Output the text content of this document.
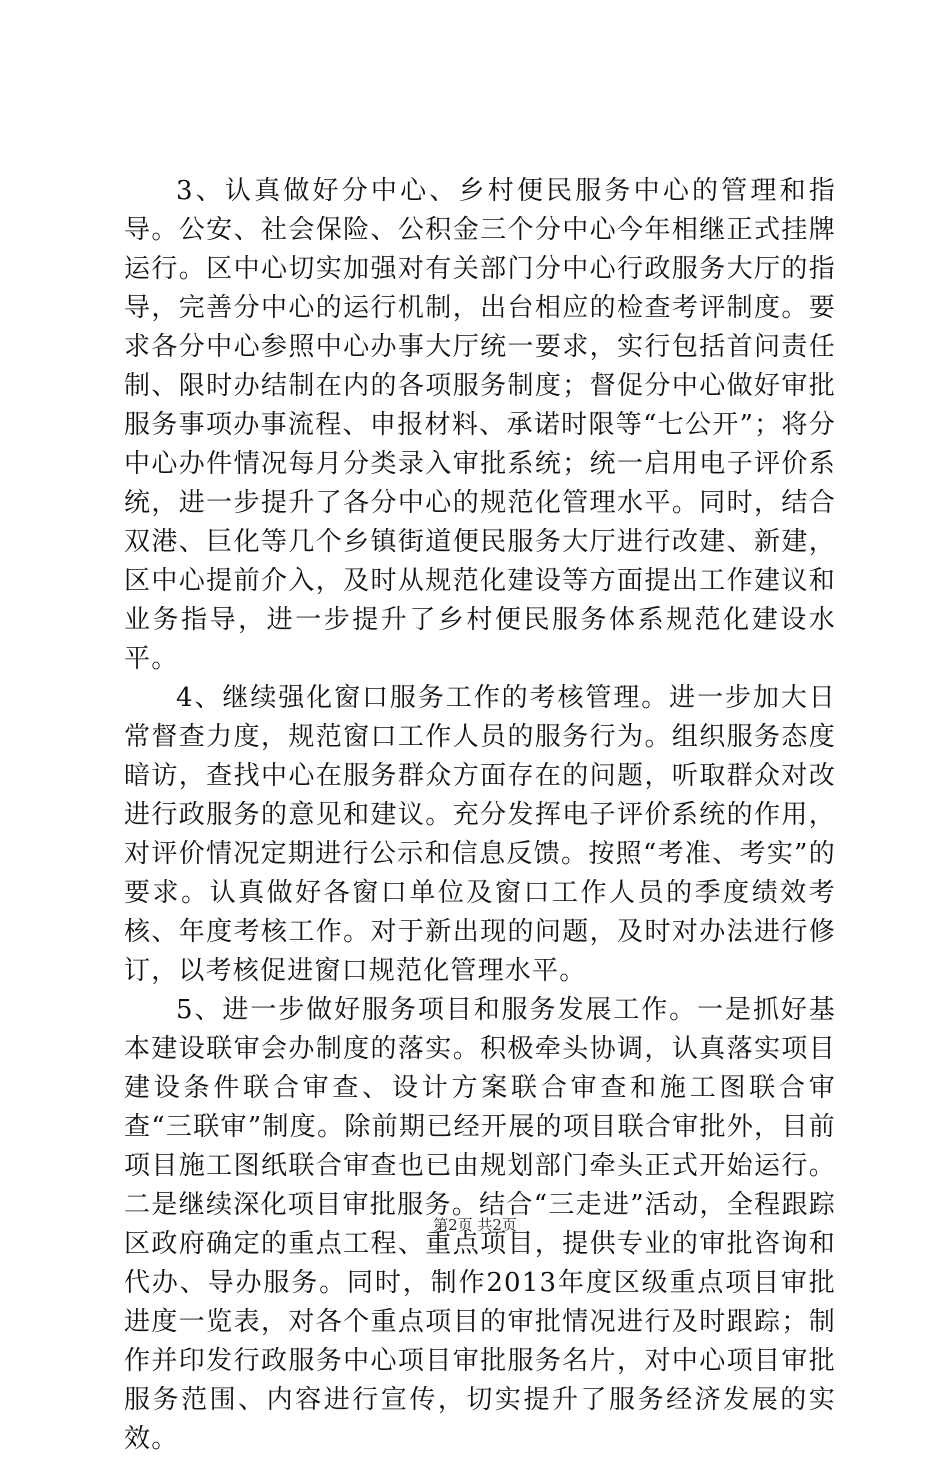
3、认真做好分中心、乡村便民服务中心的管理和指导。公安、社会保险、公积金三个分中心今年相继正式挂牌运行。区中心切实加强对有关部门分中心行政服务大厅的指导，完善分中心的运行机制，出台相应的检查考评制度。要求各分中心参照中心办事大厅统一要求，实行包括首问责任制、限时办结制在内的各项服务制度；督促分中心做好审批服务事项办事流程、申报材料、承诺时限等“七公开”；将分中心办件情况每月分类录入审批系统；统一启用电子评价系统，进一步提升了各分中心的规范化管理水平。同时，结合双港、巨化等几个乡镇街道便民服务大厅进行改建、新建，区中心提前介入，及时从规范化建设等方面提出工作建议和业务指导，进一步提升了乡村便民服务体系规范化建设水平。

4、继续强化窗口服务工作的考核管理。进一步加大日常督查力度，规范窗口工作人员的服务行为。组织服务态度暗访，查找中心在服务群众方面存在的问题，听取群众对改进行政服务的意见和建议。充分发挥电子评价系统的作用，对评价情况定期进行公示和信息反馈。按照“考准、考实”的要求。认真做好各窗口单位及窗口工作人员的季度绩效考核、年度考核工作。对于新出现的问题，及时对办法进行修订，以考核促进窗口规范化管理水平。

5、进一步做好服务项目和服务发展工作。一是抓好基本建设联审会办制度的落实。积极牵头协调，认真落实项目建设条件联合审查、设计方案联合审查和施工图联合审查“三联审”制度。除前期已经开展的项目联合审批外，目前项目施工图纸联合审查也已由规划部门牵头正式开始运行。二是继续深化项目审批服务。结合“三走进”活动，全程跟踪区政府确定的重点工程、重点项目，提供专业的审批咨询和代办、导办服务。同时，制作2013年度区级重点项目审批进度一览表，对各个重点项目的审批情况进行及时跟踪；制作并印发行政服务中心项目审批服务名片，对中心项目审批服务范围、内容进行宣传，切实提升了服务经济发展的实效。

第2页 共2页
